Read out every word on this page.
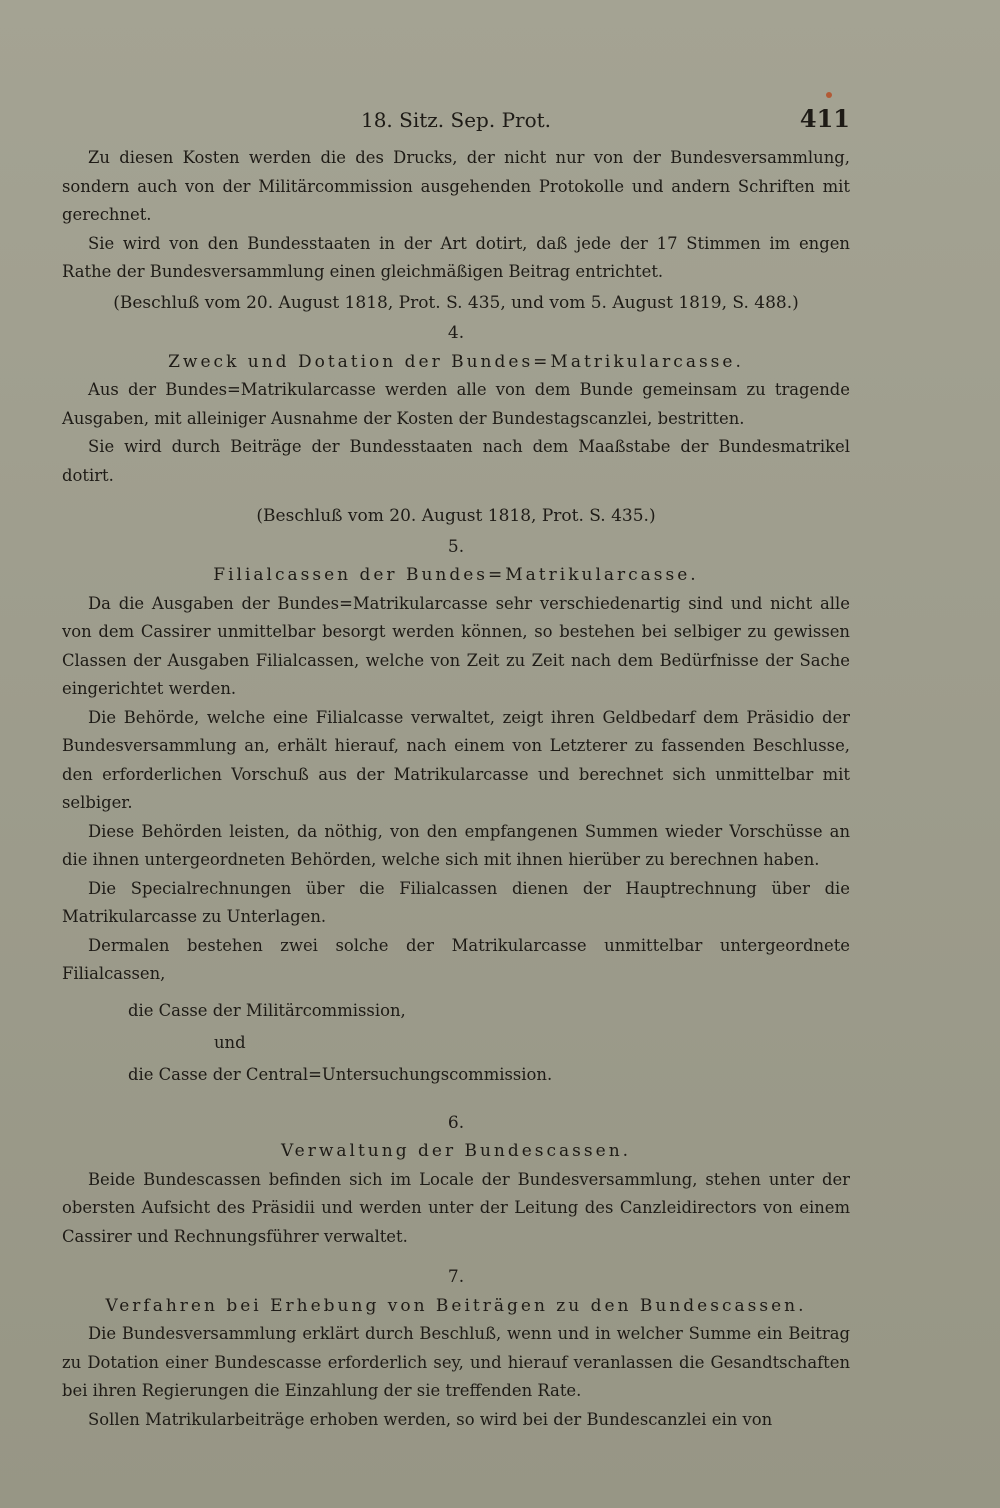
18. Sitz. Sep. Prot.	411

Zu diesen Kosten werden die des Drucks, der nicht nur von der Bundesversammlung, sondern auch von der Militärcommission ausgehenden Protokolle und andern Schriften mit gerechnet.

Sie wird von den Bundesstaaten in der Art dotirt, daß jede der 17 Stimmen im engen Rathe der Bundesversammlung einen gleichmäßigen Beitrag entrichtet.

(Beschluß vom 20. August 1818, Prot. S. 435, und vom 5. August 1819, S. 488.)

4.
Zweck und Dotation der Bundes=Matrikularcasse.

Aus der Bundes=Matrikularcasse werden alle von dem Bunde gemeinsam zu tragende Ausgaben, mit alleiniger Ausnahme der Kosten der Bundestagscanzlei, bestritten.

Sie wird durch Beiträge der Bundesstaaten nach dem Maaßstabe der Bundesmatrikel dotirt.

(Beschluß vom 20. August 1818, Prot. S. 435.)

5.
Filialcassen der Bundes=Matrikularcasse.

Da die Ausgaben der Bundes=Matrikularcasse sehr verschiedenartig sind und nicht alle von dem Cassirer unmittelbar besorgt werden können, so bestehen bei selbiger zu gewissen Classen der Ausgaben Filialcassen, welche von Zeit zu Zeit nach dem Bedürfnisse der Sache eingerichtet werden.

Die Behörde, welche eine Filialcasse verwaltet, zeigt ihren Geldbedarf dem Präsidio der Bundesversammlung an, erhält hierauf, nach einem von Letzterer zu fassenden Beschlusse, den erforderlichen Vorschuß aus der Matrikularcasse und berechnet sich unmittelbar mit selbiger.

Diese Behörden leisten, da nöthig, von den empfangenen Summen wieder Vorschüsse an die ihnen untergeordneten Behörden, welche sich mit ihnen hierüber zu berechnen haben.

Die Specialrechnungen über die Filialcassen dienen der Hauptrechnung über die Matrikularcasse zu Unterlagen.

Dermalen bestehen zwei solche der Matrikularcasse unmittelbar untergeordnete Filialcassen,

die Casse der Militärcommission,
und
die Casse der Central=Untersuchungscommission.
6.
Verwaltung der Bundescassen.

Beide Bundescassen befinden sich im Locale der Bundesversammlung, stehen unter der obersten Aufsicht des Präsidii und werden unter der Leitung des Canzleidirectors von einem Cassirer und Rechnungsführer verwaltet.

7.
Verfahren bei Erhebung von Beiträgen zu den Bundescassen.

Die Bundesversammlung erklärt durch Beschluß, wenn und in welcher Summe ein Beitrag zu Dotation einer Bundescasse erforderlich sey, und hierauf veranlassen die Gesandtschaften bei ihren Regierungen die Einzahlung der sie treffenden Rate.

Sollen Matrikularbeiträge erhoben werden, so wird bei der Bundescanzlei ein von
